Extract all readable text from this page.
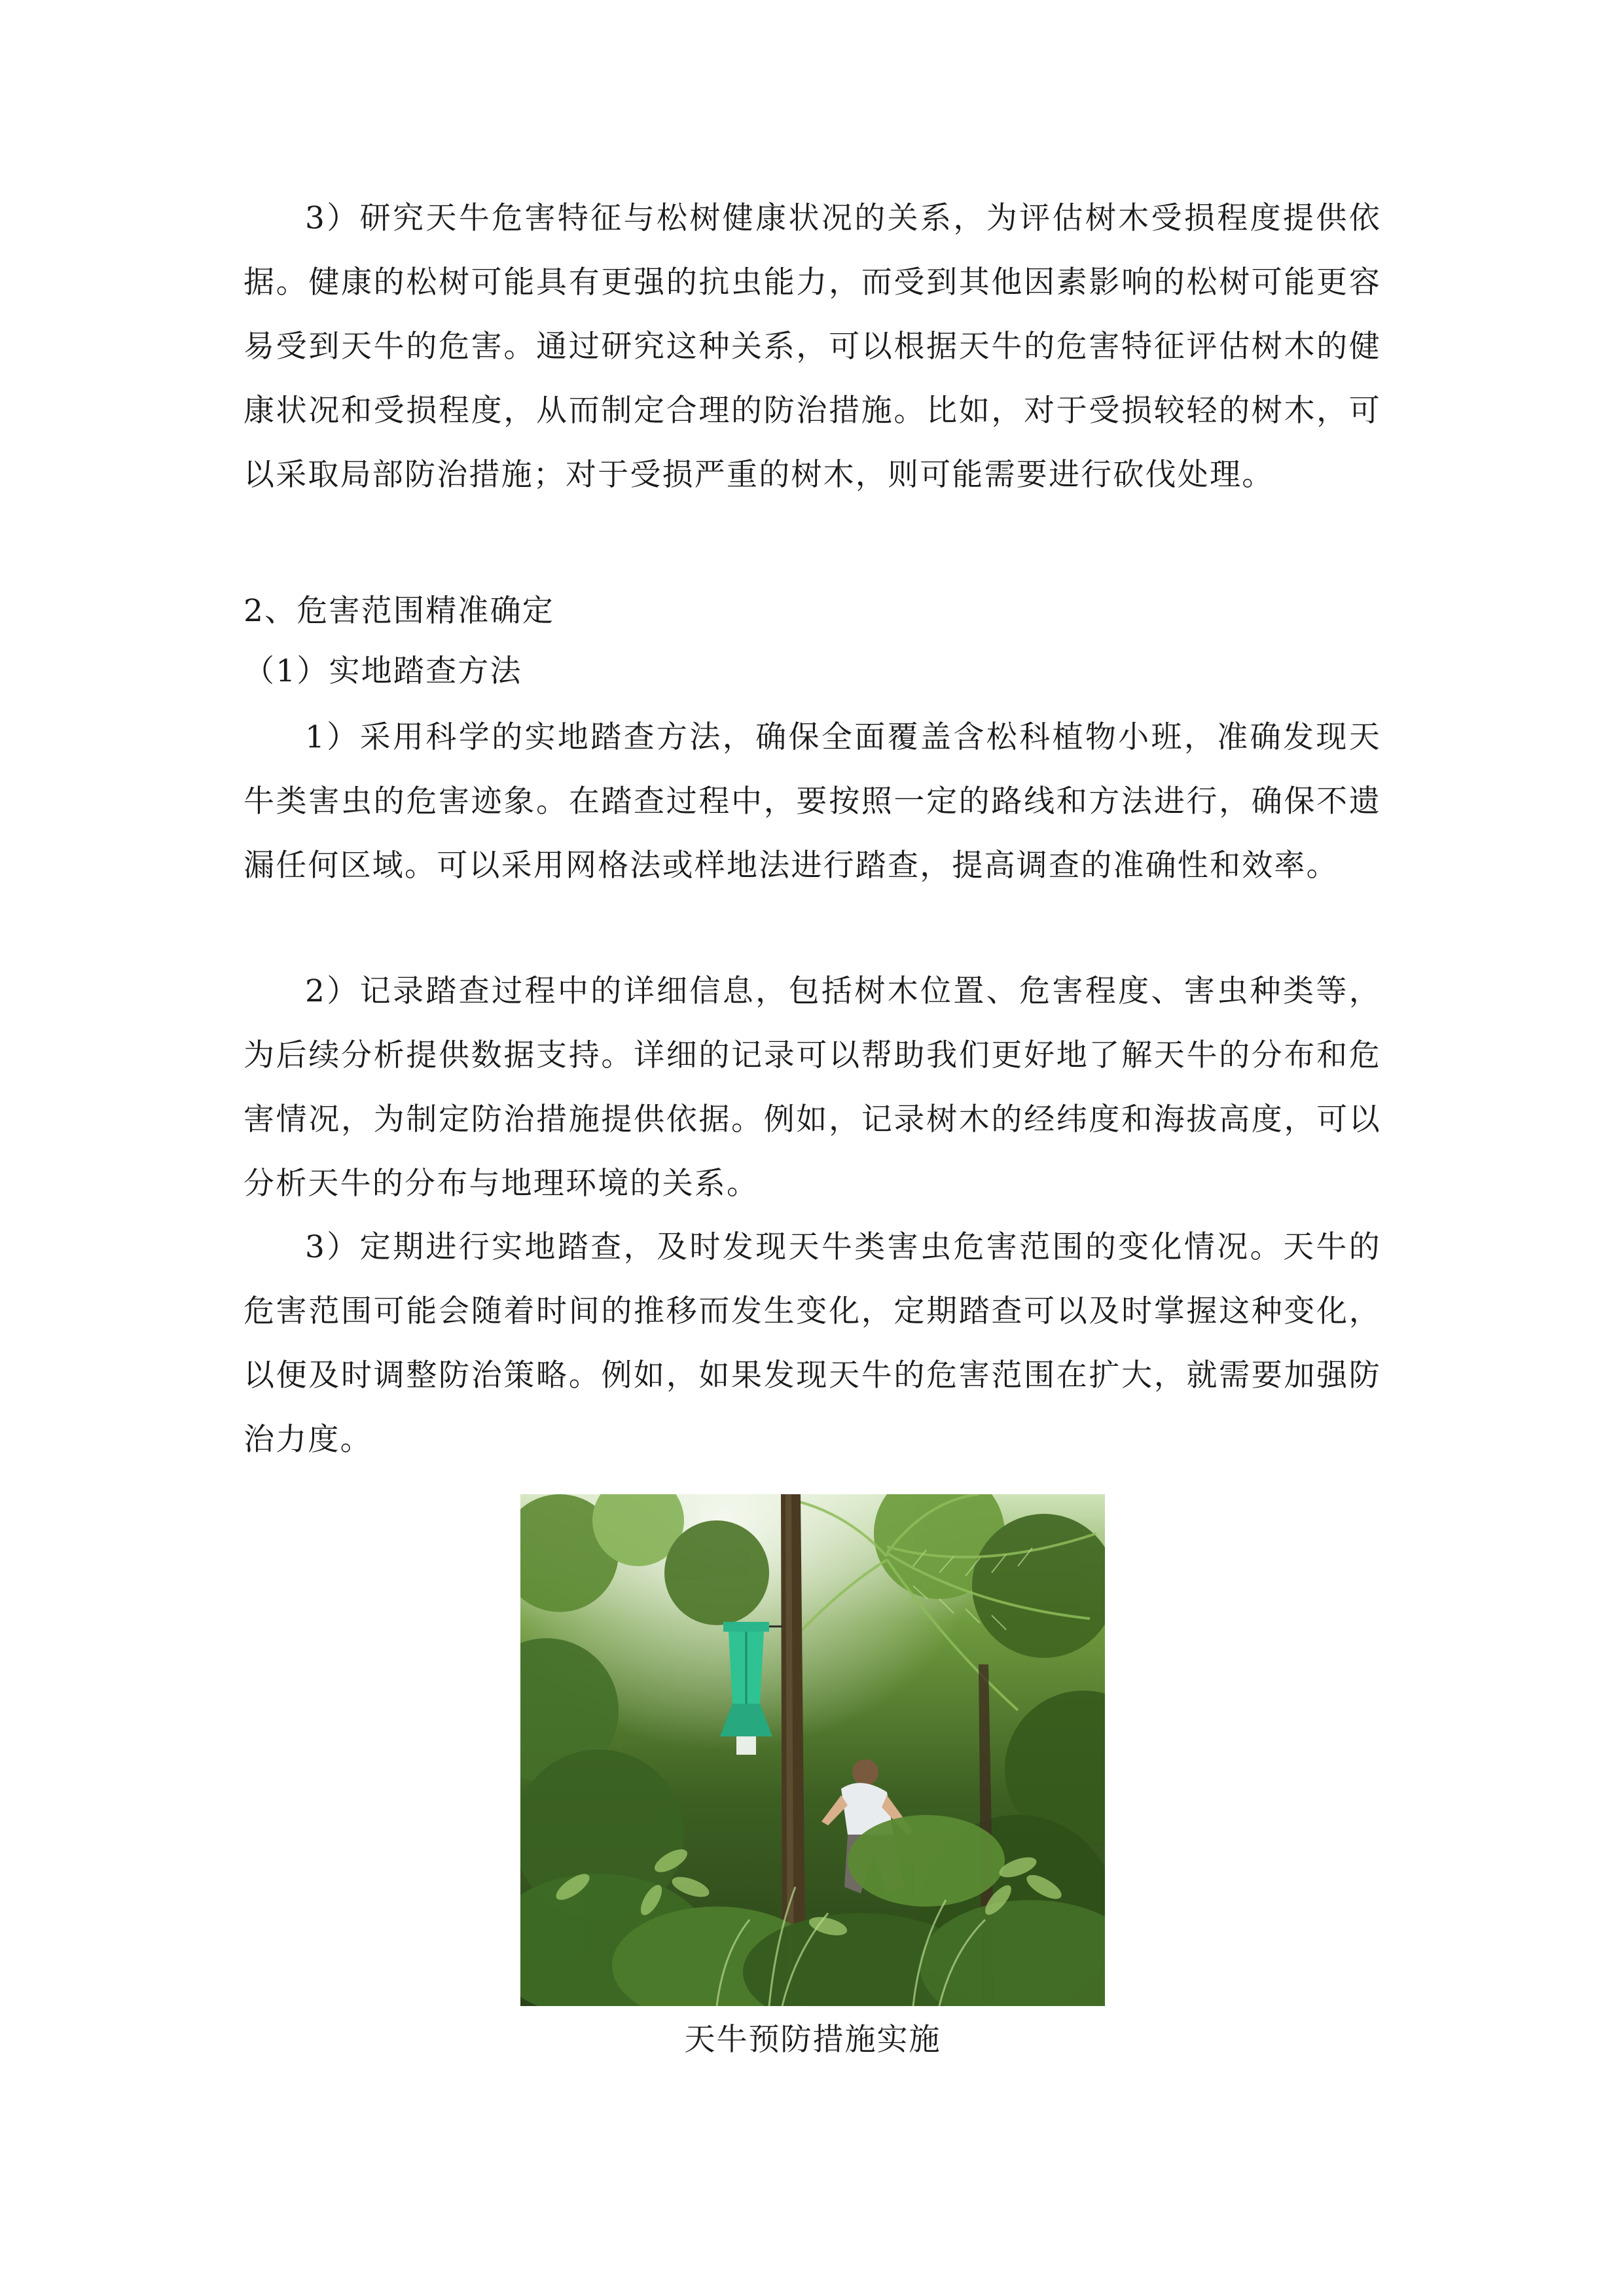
3）研究天牛危害特征与松树健康状况的关系，为评估树木受损程度提供依据。健康的松树可能具有更强的抗虫能力，而受到其他因素影响的松树可能更容易受到天牛的危害。通过研究这种关系，可以根据天牛的危害特征评估树木的健康状况和受损程度，从而制定合理的防治措施。比如，对于受损较轻的树木，可以采取局部防治措施；对于受损严重的树木，则可能需要进行砍伐处理。

2、危害范围精准确定

（1）实地踏查方法

1）采用科学的实地踏查方法，确保全面覆盖含松科植物小班，准确发现天牛类害虫的危害迹象。在踏查过程中，要按照一定的路线和方法进行，确保不遗漏任何区域。可以采用网格法或样地法进行踏查，提高调查的准确性和效率。

2）记录踏查过程中的详细信息，包括树木位置、危害程度、害虫种类等，为后续分析提供数据支持。详细的记录可以帮助我们更好地了解天牛的分布和危害情况，为制定防治措施提供依据。例如，记录树木的经纬度和海拔高度，可以分析天牛的分布与地理环境的关系。

3）定期进行实地踏查，及时发现天牛类害虫危害范围的变化情况。天牛的危害范围可能会随着时间的推移而发生变化，定期踏查可以及时掌握这种变化，以便及时调整防治策略。例如，如果发现天牛的危害范围在扩大，就需要加强防治力度。

天牛预防措施实施
